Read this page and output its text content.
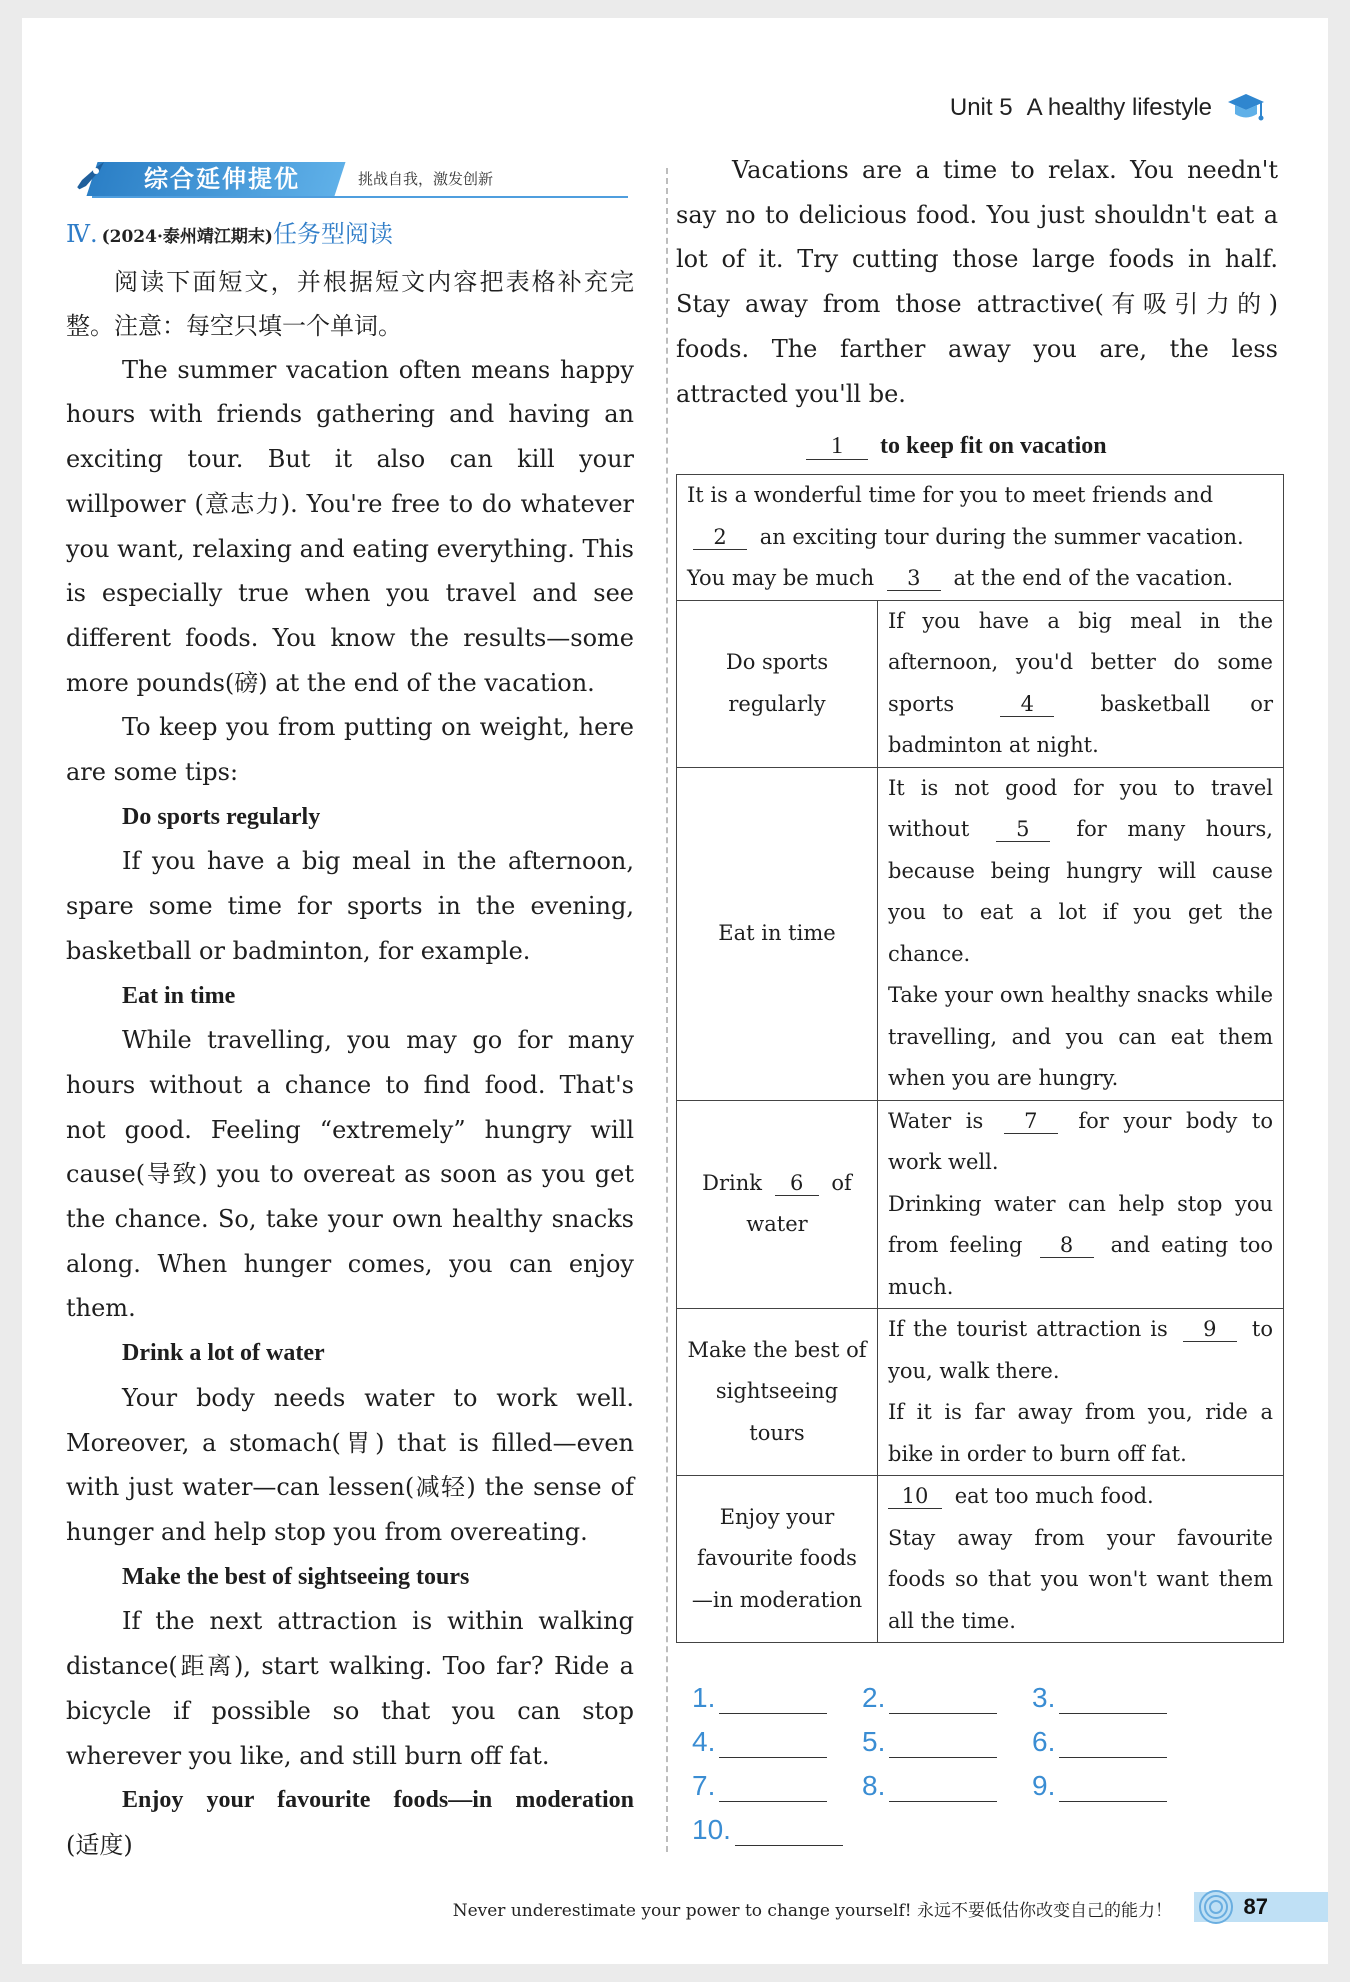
Unit 5 A healthy lifestyle
综合延伸提优	挑战自我，激发创新
Ⅳ. (2024·泰州靖江期末) 任务型阅读

阅读下面短文，并根据短文内容把表格补充完整。注意：每空只填一个单词。

The summer vacation often means happy hours with friends gathering and having an exciting tour. But it also can kill your willpower (意志力). You're free to do whatever you want, relaxing and eating everything. This is especially true when you travel and see different foods. You know the results—some more pounds(磅) at the end of the vacation.

To keep you from putting on weight, here are some tips:

Do sports regularly

If you have a big meal in the afternoon, spare some time for sports in the evening, basketball or badminton, for example.

Eat in time

While travelling, you may go for many hours without a chance to find food. That's not good. Feeling “extremely” hungry will cause(导致) you to overeat as soon as you get the chance. So, take your own healthy snacks along. When hunger comes, you can enjoy them.

Drink a lot of water

Your body needs water to work well. Moreover, a stomach(胃) that is filled—even with just water—can lessen(减轻) the sense of hunger and help stop you from overeating.

Make the best of sightseeing tours

If the next attraction is within walking distance(距离), start walking. Too far? Ride a bicycle if possible so that you can stop wherever you like, and still burn off fat.

Enjoy your favourite foods—in moderation

(适度)

Vacations are a time to relax. You needn't say no to delicious food. You just shouldn't eat a lot of it. Try cutting those large foods in half. Stay away from those attractive(有吸引力的) foods. The farther away you are, the less attracted you'll be.

1 to keep fit on vacation
It is a wonderful time for you to meet friends and 2 an exciting tour during the summer vacation. You may be much 3 at the end of the vacation.	
Do sports regularly	If you have a big meal in the afternoon, you'd better do some sports 4 basketball or badminton at night.
Eat in time	It is not good for you to travel without 5 for many hours, because being hungry will cause you to eat a lot if you get the chance.
Take your own healthy snacks while travelling, and you can eat them when you are hungry.
Drink 6 of
water	Water is 7 for your body to work well.
Drinking water can help stop you from feeling 8 and eating too much.
Make the best of sightseeing tours	If the tourist attraction is 9 to you, walk there.
If it is far away from you, ride a bike in order to burn off fat.
Enjoy your favourite foods—in moderation	10 eat too much food.
Stay away from your favourite foods so that you won't want them all the time.
1.	2.	3.
4.	5.	6.
7.	8.	9.
10.
Never underestimate your power to change yourself! 永远不要低估你改变自己的能力！	87
